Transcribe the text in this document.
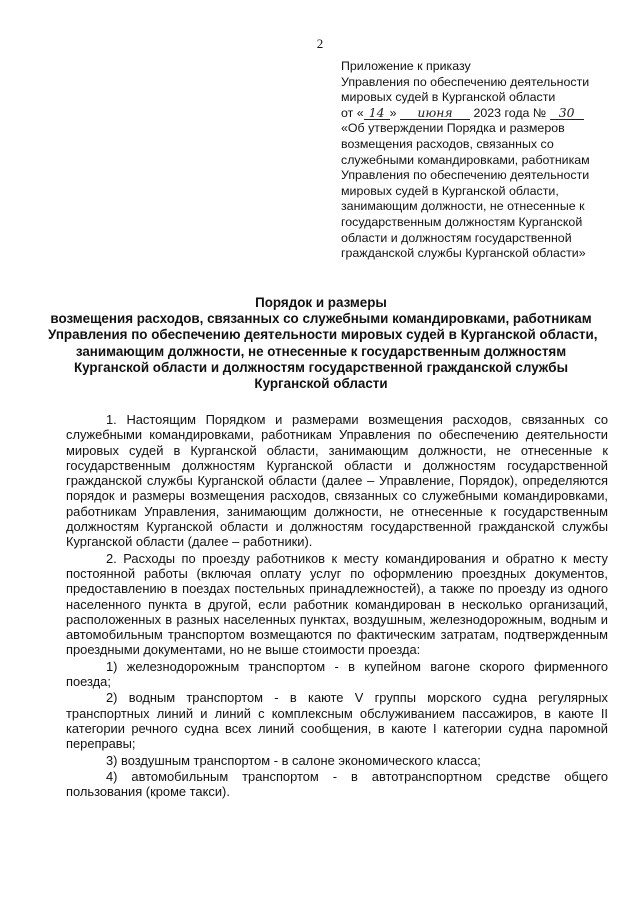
2
Приложение к приказу
Управления по обеспечению деятельности
мировых судей в Курганской области
от « 14 » июня 2023 года № 30
«Об утверждении Порядка и размеров
возмещения расходов, связанных со
служебными командировками, работникам
Управления по обеспечению деятельности
мировых судей в Курганской области,
занимающим должности, не отнесенные к
государственным должностям Курганской
области и должностям государственной
гражданской службы Курганской области»
Порядок и размеры
возмещения расходов, связанных со служебными командировками, работникам
Управления по обеспечению деятельности мировых судей в Курганской области,
занимающим должности, не отнесенные к государственным должностям
Курганской области и должностям государственной гражданской службы
Курганской области

1. Настоящим Порядком и размерами возмещения расходов, связанных со служебными командировками, работникам Управления по обеспечению деятельности мировых судей в Курганской области, занимающим должности, не отнесенные к государственным должностям Курганской области и должностям государственной гражданской службы Курганской области (далее – Управление, Порядок), определяются порядок и размеры возмещения расходов, связанных со служебными командировками, работникам Управления, занимающим должности, не отнесенные к государственным должностям Курганской области и должностям государственной гражданской службы Курганской области (далее – работники).

2. Расходы по проезду работников к месту командирования и обратно к месту постоянной работы (включая оплату услуг по оформлению проездных документов, предоставлению в поездах постельных принадлежностей), а также по проезду из одного населенного пункта в другой, если работник командирован в несколько организаций, расположенных в разных населенных пунктах, воздушным, железнодорожным, водным и автомобильным транспортом возмещаются по фактическим затратам, подтвержденным проездными документами, но не выше стоимости проезда:

1) железнодорожным транспортом - в купейном вагоне скорого фирменного поезда;

2) водным транспортом - в каюте V группы морского судна регулярных транспортных линий и линий с комплексным обслуживанием пассажиров, в каюте II категории речного судна всех линий сообщения, в каюте I категории судна паромной переправы;

3) воздушным транспортом - в салоне экономического класса;

4) автомобильным транспортом - в автотранспортном средстве общего пользования (кроме такси).
